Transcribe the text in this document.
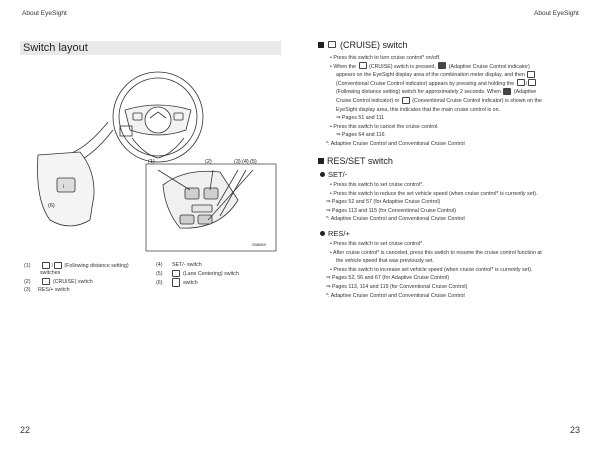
About EyeSight	About EyeSight
22	23
Switch layout
i
(6)
(1)	(2)	(3) (4) (5)
S08969
(1)	/ (Following distance setting)
switches
(2)	(CRUISE) switch
(3) RES/+ switch
(4) SET/- switch
(5)	(Lane Centering) switch
(6)	switch
(CRUISE) switch
• Press this switch to turn cruise control* on/off.
• When the (CRUISE) switch is pressed, (Adaptive Cruise Control indicator)
appears on the EyeSight display area of the combination meter display, and then
(Conventional Cruise Control indicator) appears by pressing and holding the /
(Following distance setting) switch for approximately 2 seconds. When (Adaptive
Cruise Control indicator) or (Conventional Cruise Control indicator) is shown on the
EyeSight display area, this indicates that the main cruise control is on.
⇒ Pages 51 and 111
• Press this switch to cancel the cruise control.
⇒ Pages 64 and 116
*: Adaptive Cruise Control and Conventional Cruise Control
RES/SET switch
SET/-
• Press this switch to set cruise control*.
• Press this switch to reduce the set vehicle speed (when cruise control* is currently set).
⇒ Pages 52 and 57 (for Adaptive Cruise Control)
⇒ Pages 113 and 115 (for Conventional Cruise Control)
*: Adaptive Cruise Control and Conventional Cruise Control
RES/+
• Press this switch to set cruise control*.
• After cruise control* is canceled, press this switch to resume the cruise control function at
the vehicle speed that was previously set.
• Press this switch to increase set vehicle speed (when cruise control* is currently set).
⇒ Pages 52, 56 and 67 (for Adaptive Cruise Control)
⇒ Pages 113, 114 and 119 (for Conventional Cruise Control)
*: Adaptive Cruise Control and Conventional Cruise Control
